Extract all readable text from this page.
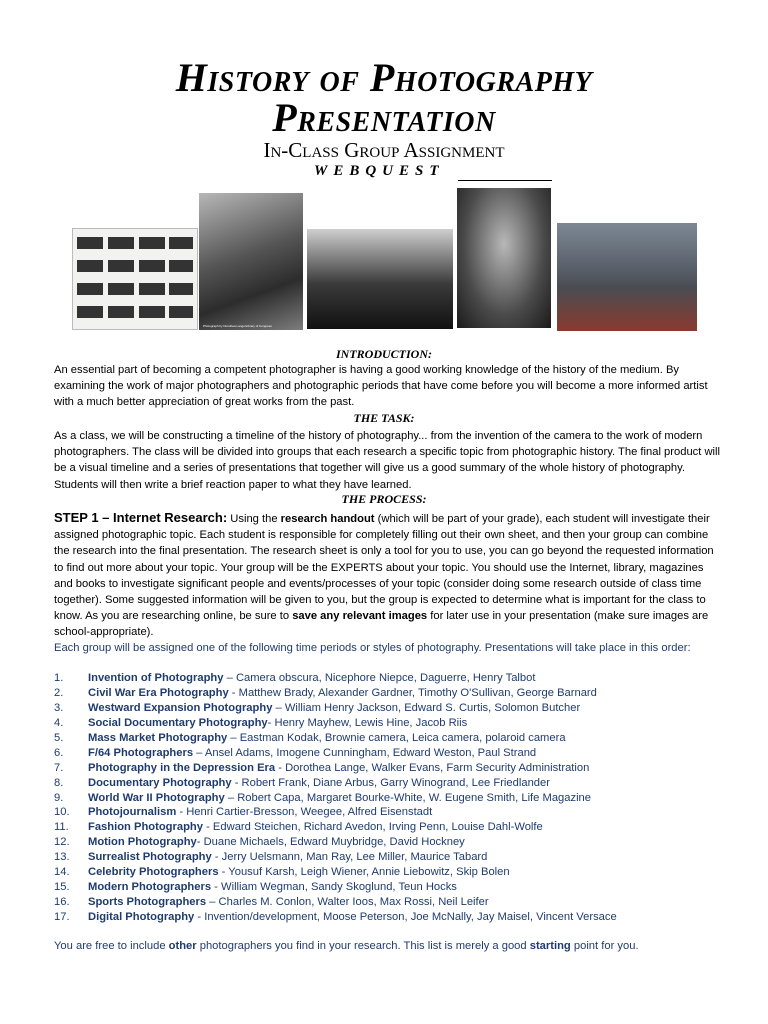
History of Photography
Presentation
In-Class Group Assignment
WEBQUEST
Photograph by Dorothea Lange/Library of Congress
INTRODUCTION:

An essential part of becoming a competent photographer is having a good working knowledge of the history of the medium. By examining the work of major photographers and photographic periods that have come before you will become a more informed artist with a much better appreciation of great works from the past.

THE TASK:

As a class, we will be constructing a timeline of the history of photography... from the invention of the camera to the work of modern photographers. The class will be divided into groups that each research a specific topic from photographic history. The final product will be a visual timeline and a series of presentations that together will give us a good summary of the whole history of photography. Students will then write a brief reaction paper to what they have learned.

THE PROCESS:

STEP 1 – Internet Research: Using the research handout (which will be part of your grade), each student will investigate their assigned photographic topic. Each student is responsible for completely filling out their own sheet, and then your group can combine the research into the final presentation. The research sheet is only a tool for you to use, you can go beyond the requested information to find out more about your topic. Your group will be the EXPERTS about your topic. You should use the Internet, library, magazines and books to investigate significant people and events/processes of your topic (consider doing some research outside of class time together). Some suggested information will be given to you, but the group is expected to determine what is important for the class to know. As you are researching online, be sure to save any relevant images for later use in your presentation (make sure images are school-appropriate).

Each group will be assigned one of the following time periods or styles of photography. Presentations will take place in this order:

1. Invention of Photography – Camera obscura, Nicephore Niepce, Daguerre, Henry Talbot
2. Civil War Era Photography - Matthew Brady, Alexander Gardner, Timothy O'Sullivan, George Barnard
3. Westward Expansion Photography – William Henry Jackson, Edward S. Curtis, Solomon Butcher
4. Social Documentary Photography- Henry Mayhew, Lewis Hine, Jacob Riis
5. Mass Market Photography – Eastman Kodak, Brownie camera, Leica camera, polaroid camera
6. F/64 Photographers – Ansel Adams, Imogene Cunningham, Edward Weston, Paul Strand
7. Photography in the Depression Era - Dorothea Lange, Walker Evans, Farm Security Administration
8. Documentary Photography - Robert Frank, Diane Arbus, Garry Winogrand, Lee Friedlander
9. World War II Photography – Robert Capa, Margaret Bourke-White, W. Eugene Smith, Life Magazine
10. Photojournalism - Henri Cartier-Bresson, Weegee, Alfred Eisenstadt
11. Fashion Photography - Edward Steichen, Richard Avedon, Irving Penn, Louise Dahl-Wolfe
12. Motion Photography- Duane Michaels, Edward Muybridge, David Hockney
13. Surrealist Photography - Jerry Uelsmann, Man Ray, Lee Miller, Maurice Tabard
14. Celebrity Photographers - Yousuf Karsh, Leigh Wiener, Annie Liebowitz, Skip Bolen
15. Modern Photographers - William Wegman, Sandy Skoglund, Teun Hocks
16. Sports Photographers – Charles M. Conlon, Walter Ioos, Max Rossi, Neil Leifer
17. Digital Photography - Invention/development, Moose Peterson, Joe McNally, Jay Maisel, Vincent Versace

You are free to include other photographers you find in your research. This list is merely a good starting point for you.
